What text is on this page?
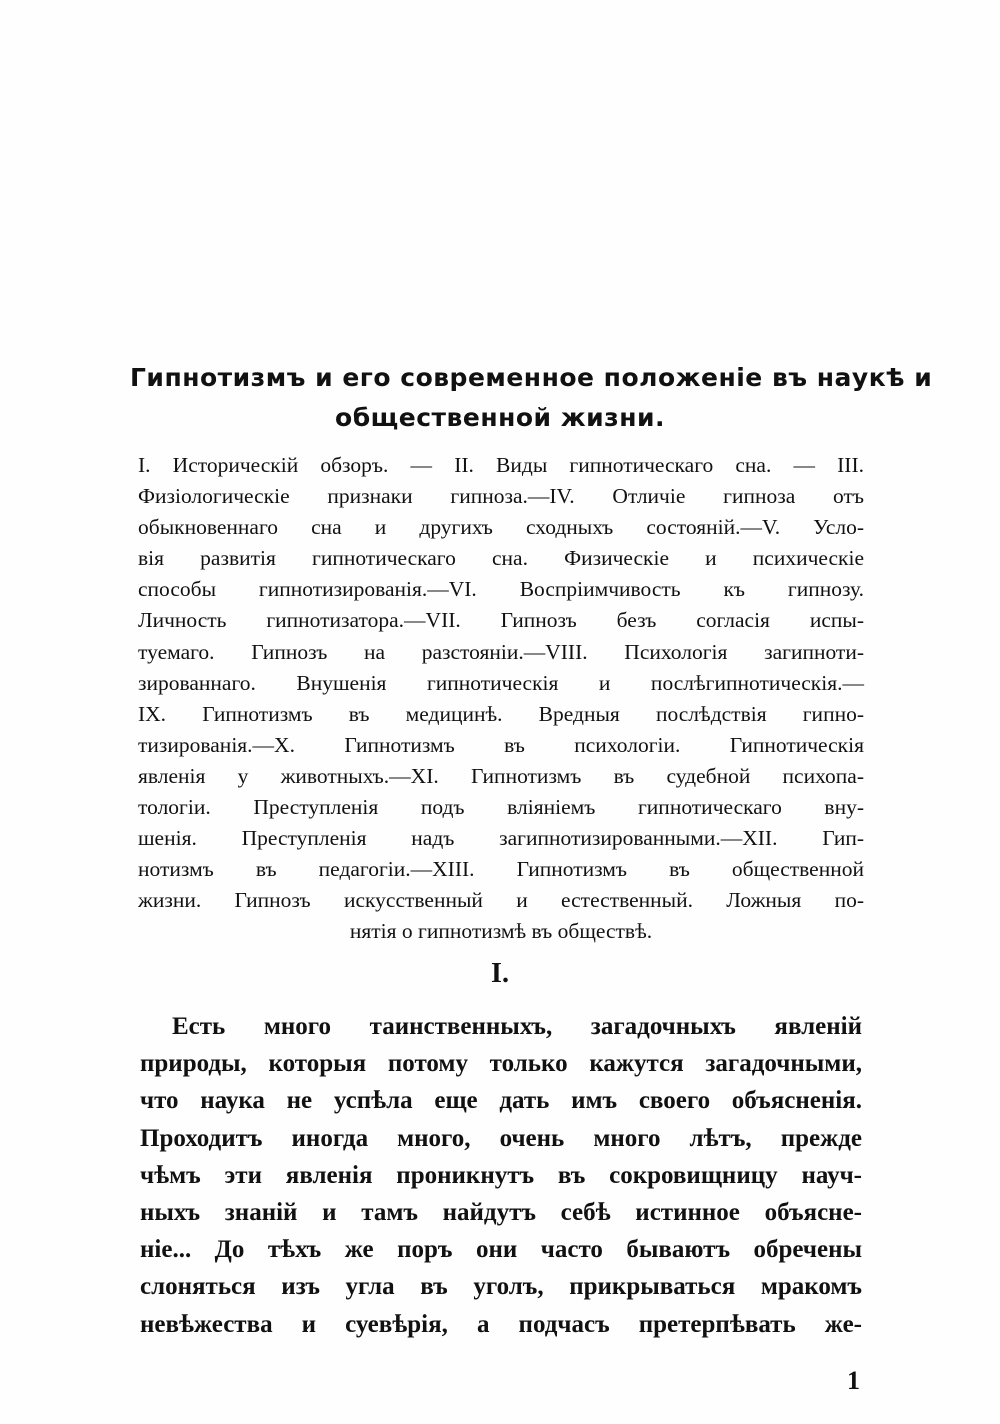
Гипнотизмъ и его современное положеніе въ наукѣ и
общественной жизни.
I. Историческій обзоръ. — II. Виды гипнотическаго сна. — III.
Физіологическіе признаки гипноза.—IV. Отличіе гипноза отъ
обыкновеннаго сна и другихъ сходныхъ состояній.—V. Усло-
вія развитія гипнотическаго сна. Физическіе и психическіе
способы гипнотизированія.—VI. Воспріимчивость къ гипнозу.
Личность гипнотизатора.—VII. Гипнозъ безъ согласія испы-
туемаго. Гипнозъ на разстояніи.—VIII. Психологія загипноти-
зированнаго. Внушенія гипнотическія и послѣгипнотическія.—
IX. Гипнотизмъ въ медицинѣ. Вредныя послѣдствія гипно-
тизированія.—X. Гипнотизмъ въ психологіи. Гипнотическія
явленія у животныхъ.—XI. Гипнотизмъ въ судебной психопа-
тологіи. Преступленія подъ вліяніемъ гипнотическаго вну-
шенія. Преступленія надъ загипнотизированными.—XII. Гип-
нотизмъ въ педагогіи.—XIII. Гипнотизмъ въ общественной
жизни. Гипнозъ искусственный и естественный. Ложныя по-
нятія о гипнотизмѣ въ обществѣ.
I.
Есть много таинственныхъ, загадочныхъ явленій
природы, которыя потому только кажутся загадочными,
что наука не успѣла еще дать имъ своего объясненія.
Проходитъ иногда много, очень много лѣтъ, прежде
чѣмъ эти явленія проникнутъ въ сокровищницу науч-
ныхъ знаній и тамъ найдутъ себѣ истинное объясне-
ніе... До тѣхъ же поръ они часто бываютъ обречены
слоняться изъ угла въ уголъ, прикрываться мракомъ
невѣжества и суевѣрія, а подчасъ претерпѣвать же-
1
